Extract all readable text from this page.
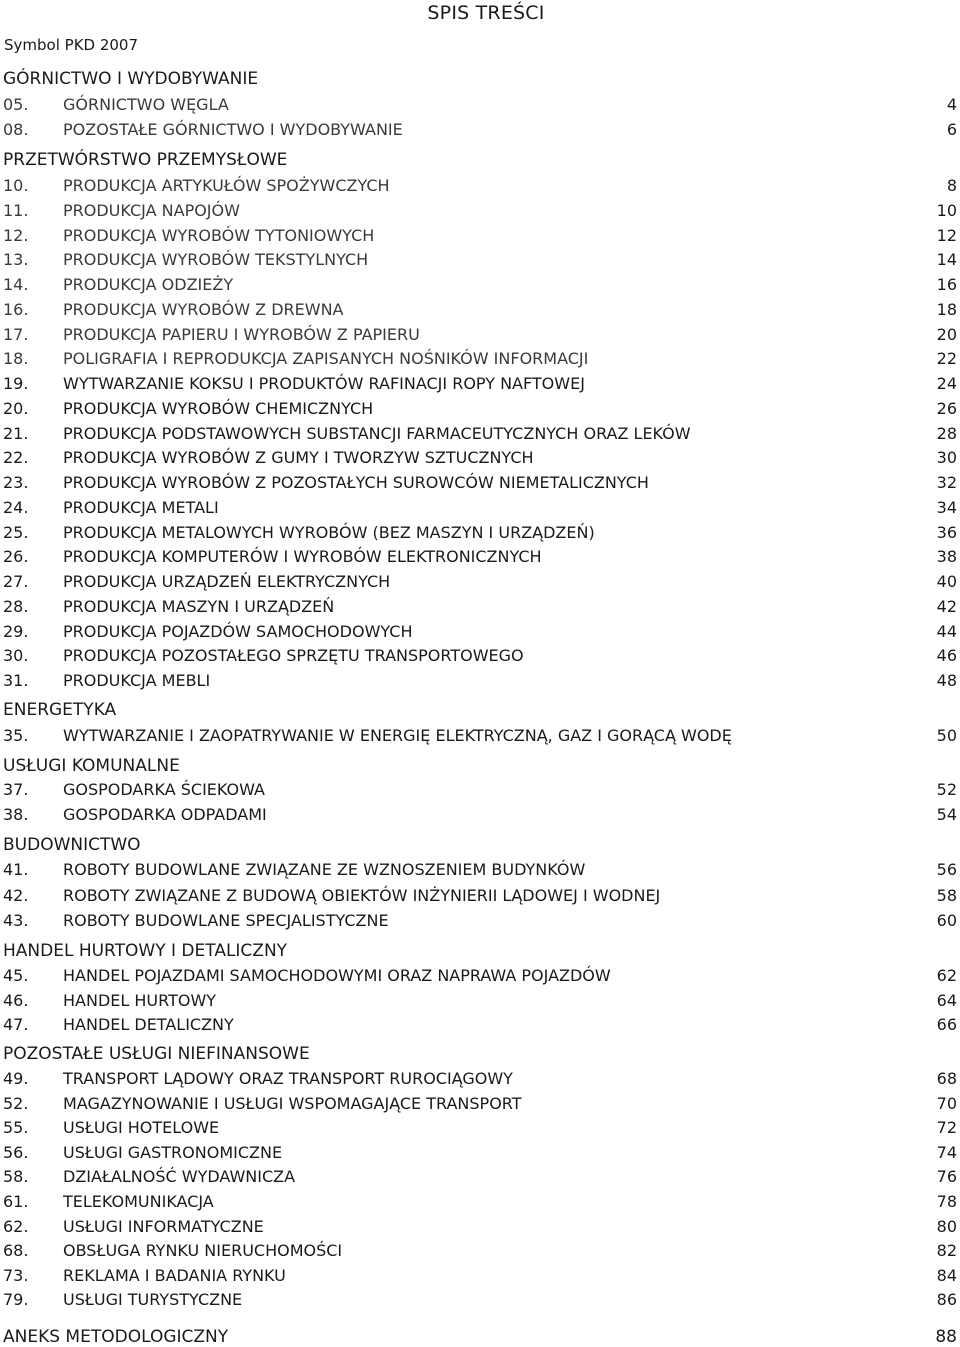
SPIS TREŚCI
Symbol PKD 2007
GÓRNICTWO I WYDOBYWANIE
05. GÓRNICTWO WĘGLA	4
08. POZOSTAŁE GÓRNICTWO I WYDOBYWANIE	6
PRZETWÓRSTWO PRZEMYSŁOWE
10. PRODUKCJA ARTYKUŁÓW SPOŻYWCZYCH	8
11. PRODUKCJA NAPOJÓW	10
12. PRODUKCJA WYROBÓW TYTONIOWYCH	12
13. PRODUKCJA WYROBÓW TEKSTYLNYCH	14
14. PRODUKCJA ODZIEŻY	16
16. PRODUKCJA WYROBÓW Z DREWNA	18
17. PRODUKCJA PAPIERU I WYROBÓW Z PAPIERU	20
18. POLIGRAFIA I REPRODUKCJA ZAPISANYCH NOŚNIKÓW INFORMACJI	22
19. WYTWARZANIE KOKSU I PRODUKTÓW RAFINACJI ROPY NAFTOWEJ	24
20. PRODUKCJA WYROBÓW CHEMICZNYCH	26
21. PRODUKCJA PODSTAWOWYCH SUBSTANCJI FARMACEUTYCZNYCH ORAZ LEKÓW	28
22. PRODUKCJA WYROBÓW Z GUMY I TWORZYW SZTUCZNYCH	30
23. PRODUKCJA WYROBÓW Z POZOSTAŁYCH SUROWCÓW NIEMETALICZNYCH	32
24. PRODUKCJA METALI	34
25. PRODUKCJA METALOWYCH WYROBÓW (BEZ MASZYN I URZĄDZEŃ)	36
26. PRODUKCJA KOMPUTERÓW I WYROBÓW ELEKTRONICZNYCH	38
27. PRODUKCJA URZĄDZEŃ ELEKTRYCZNYCH	40
28. PRODUKCJA MASZYN I URZĄDZEŃ	42
29. PRODUKCJA POJAZDÓW SAMOCHODOWYCH	44
30. PRODUKCJA POZOSTAŁEGO SPRZĘTU TRANSPORTOWEGO	46
31. PRODUKCJA MEBLI	48
ENERGETYKA
35. WYTWARZANIE I ZAOPATRYWANIE W ENERGIĘ ELEKTRYCZNĄ, GAZ I GORĄCĄ WODĘ	50
USŁUGI KOMUNALNE
37. GOSPODARKA ŚCIEKOWA	52
38. GOSPODARKA ODPADAMI	54
BUDOWNICTWO
41. ROBOTY BUDOWLANE ZWIĄZANE ZE WZNOSZENIEM BUDYNKÓW	56
42. ROBOTY ZWIĄZANE Z BUDOWĄ OBIEKTÓW INŻYNIERII LĄDOWEJ I WODNEJ	58
43. ROBOTY BUDOWLANE SPECJALISTYCZNE	60
HANDEL HURTOWY I DETALICZNY
45. HANDEL POJAZDAMI SAMOCHODOWYMI ORAZ NAPRAWA POJAZDÓW	62
46. HANDEL HURTOWY	64
47. HANDEL DETALICZNY	66
POZOSTAŁE USŁUGI NIEFINANSOWE
49. TRANSPORT LĄDOWY ORAZ TRANSPORT RUROCIĄGOWY	68
52. MAGAZYNOWANIE I USŁUGI WSPOMAGAJĄCE TRANSPORT	70
55. USŁUGI HOTELOWE	72
56. USŁUGI GASTRONOMICZNE	74
58. DZIAŁALNOŚĆ WYDAWNICZA	76
61. TELEKOMUNIKACJA	78
62. USŁUGI INFORMATYCZNE	80
68. OBSŁUGA RYNKU NIERUCHOMOŚCI	82
73. REKLAMA I BADANIA RYNKU	84
79. USŁUGI TURYSTYCZNE	86
ANEKS METODOLOGICZNY	88
